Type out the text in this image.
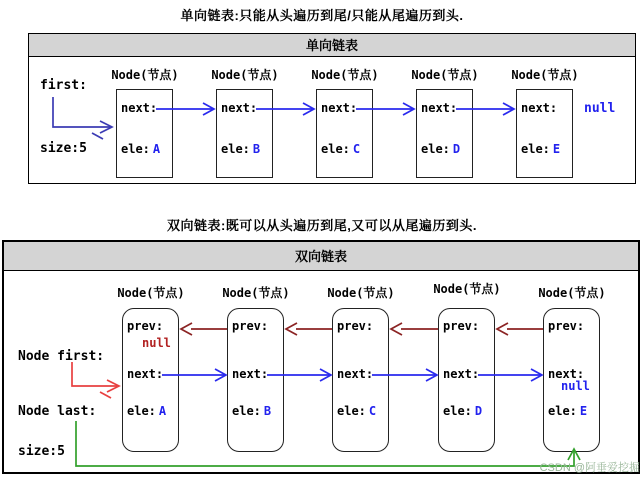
单向链表:只能从头遍历到尾/只能从尾遍历到头.
单向链表
first:
size:5
Node(节点)	Node(节点)	Node(节点)	Node(节点)	Node(节点)
next:
ele: A
next:
ele: B
next:
ele: C
next:
ele: D
next:
ele: E
null
双向链表:既可以从头遍历到尾,又可以从尾遍历到头.
双向链表
Node first:
Node last:
size:5
Node(节点)	Node(节点)	Node(节点)	Node(节点)	Node(节点)
prev:
next:
ele: A
prev:
next:
ele: B
prev:
next:
ele: C
prev:
next:
ele: D
prev:
next:
ele: E
null
null
CSDN @阿垂爱挖掘
